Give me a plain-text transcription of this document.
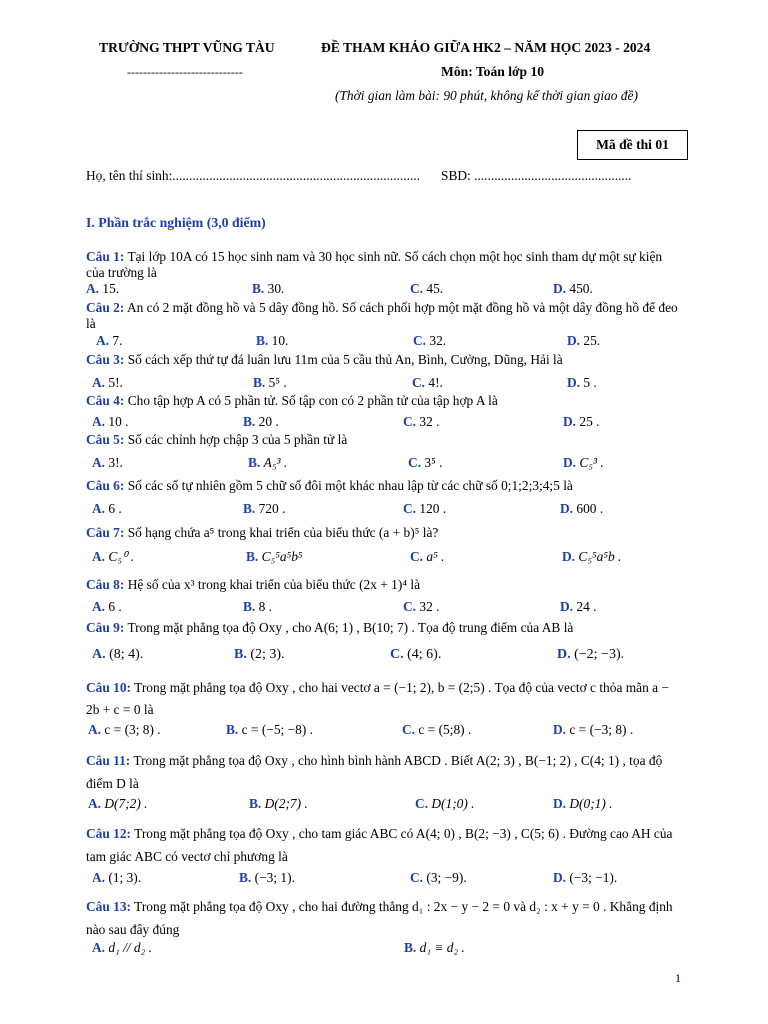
TRƯỜNG THPT VŨNG TÀU
-----------------------------
ĐỀ THAM KHẢO GIỮA HK2 – NĂM HỌC 2023 - 2024
Môn: Toán lớp 10
(Thời gian làm bài: 90 phút, không kể thời gian giao đề)
Mã đề thi 01
Họ, tên thí sinh:.......................................................................... SBD: ...............................................
I. Phần trắc nghiệm (3,0 điểm)
Câu 1: Tại lớp 10A có 15 học sinh nam và 30 học sinh nữ. Số cách chọn một học sinh tham dự một sự kiện của trường là
A. 15.	B. 30.	C. 45.	D. 450.
Câu 2: An có 2 mặt đồng hồ và 5 dây đồng hồ. Số cách phối hợp một mặt đồng hồ và một dây đồng hồ để đeo là
A. 7.	B. 10.	C. 32.	D. 25.
Câu 3: Số cách xếp thứ tự đá luân lưu 11m của 5 cầu thủ An, Bình, Cường, Dũng, Hải là
A. 5!.	B. 5⁵ .	C. 4!.	D. 5 .
Câu 4: Cho tập hợp A có 5 phần tử. Số tập con có 2 phần tử của tập hợp A là
A. 10 .	B. 20 .	C. 32 .	D. 25 .
Câu 5: Số các chỉnh hợp chập 3 của 5 phần tử là
A. 3!.	B. A₅³ .	C. 3⁵ .	D. C₅³ .
Câu 6: Số các số tự nhiên gồm 5 chữ số đôi một khác nhau lập từ các chữ số 0;1;2;3;4;5 là
A. 6 .	B. 720 .	C. 120 .	D. 600 .
Câu 7: Số hạng chứa a⁵ trong khai triển của biểu thức (a + b)⁵ là?
A. C₅⁰ .	B. C₅⁵a⁵b⁵	C. a⁵ .	D. C₅⁵a⁵b .
Câu 8: Hệ số của x³ trong khai triển của biểu thức (2x + 1)⁴ là
A. 6 .	B. 8 .	C. 32 .	D. 24 .
Câu 9: Trong mặt phẳng tọa độ Oxy , cho A(6; 1) , B(10; 7) . Tọa độ trung điểm của AB là
A. (8; 4).	B. (2; 3).	C. (4; 6).	D. (−2; −3).
Câu 10: Trong mặt phẳng tọa độ Oxy , cho hai vectơ a = (−1; 2), b = (2;5) . Tọa độ của vectơ c thỏa mãn a − 2b + c = 0 là
A. c = (3; 8) .	B. c = (−5; −8) .	C. c = (5;8) .	D. c = (−3; 8) .
Câu 11: Trong mặt phẳng tọa độ Oxy , cho hình bình hành ABCD . Biết A(2; 3) , B(−1; 2) , C(4; 1) , tọa độ điểm D là
A. D(7;2) .	B. D(2;7) .	C. D(1;0) .	D. D(0;1) .
Câu 12: Trong mặt phẳng tọa độ Oxy , cho tam giác ABC có A(4; 0) , B(2; −3) , C(5; 6) . Đường cao AH của tam giác ABC có vectơ chỉ phương là
A. (1; 3).	B. (−3; 1).	C. (3; −9).	D. (−3; −1).
Câu 13: Trong mặt phẳng tọa độ Oxy , cho hai đường thẳng d₁ : 2x − y − 2 = 0 và d₂ : x + y = 0 . Khẳng định nào sau đây đúng
A. d₁ // d₂ .	B. d₁ ≡ d₂ .
1
